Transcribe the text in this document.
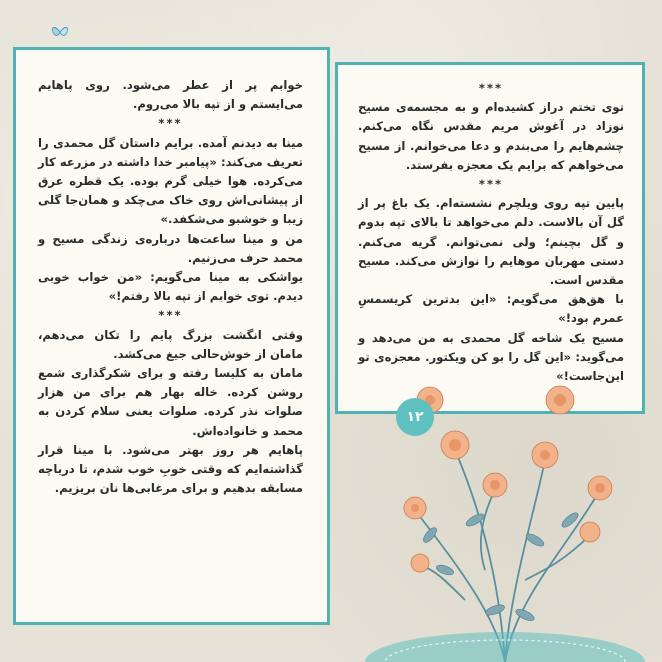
خوابم پر از عطر می‌شود. روی پاهایم می‌ایستم و از تپه بالا می‌روم.
***
مینا به دیدنم آمده. برایم داستان گل محمدی را تعریف می‌کند: «پیامبر خدا داشته در مزرعه کار می‌کرده. هوا خیلی گرم بوده. یک قطره عرق از پیشانی‌اش روی خاک می‌چکد و همان‌جا گلی زیبا و خوشبو می‌شکفد.»
من و مینا ساعت‌ها درباره‌ی زندگی مسیح و محمد حرف می‌زنیم.
یواشکی به مینا می‌گویم: «من خواب خوبی دیدم. توی خوابم از تپه بالا رفتم!»
***
وقتی انگشت بزرگ پایم را تکان می‌دهم، مامان از خوش‌حالی جیغ می‌کشد.
مامان به کلیسا رفته و برای شکرگذاری شمع روشن کرده. خاله بهار هم برای من هزار صلوات نذر کرده. صلوات یعنی سلام کردن به محمد و خانواده‌اش.
پاهایم هر روز بهتر می‌شود. با مینا قرار گذاشته‌ایم که وقتی خوبِ خوب شدم، تا دریاچه مسابقه بدهیم و برای مرغابی‌ها نان بریزیم.
***
توی تختم دراز کشیده‌ام و به مجسمه‌ی مسیح نوزاد در آغوش مریم مقدس نگاه می‌کنم. چشم‌هایم را می‌بندم و دعا می‌خوانم. از مسیح می‌خواهم که برایم یک معجزه بفرستد.
***
پایین تپه روی ویلچرم نشسته‌ام. یک باغ پر از گل آن بالاست. دلم می‌خواهد تا بالای تپه بدوم و گل بچینم؛ ولی نمی‌توانم. گریه می‌کنم. دستی مهربان موهایم را نوازش می‌کند. مسیح مقدس است.
با هق‌هق می‌گویم: «این بدترین کریسمسِ عمرم بود!»
مسیح یک شاخه گل محمدی به من می‌دهد و می‌گوید: «این گل را بو کن ویکتور. معجزه‌ی تو این‌جاست!»
۱۲
